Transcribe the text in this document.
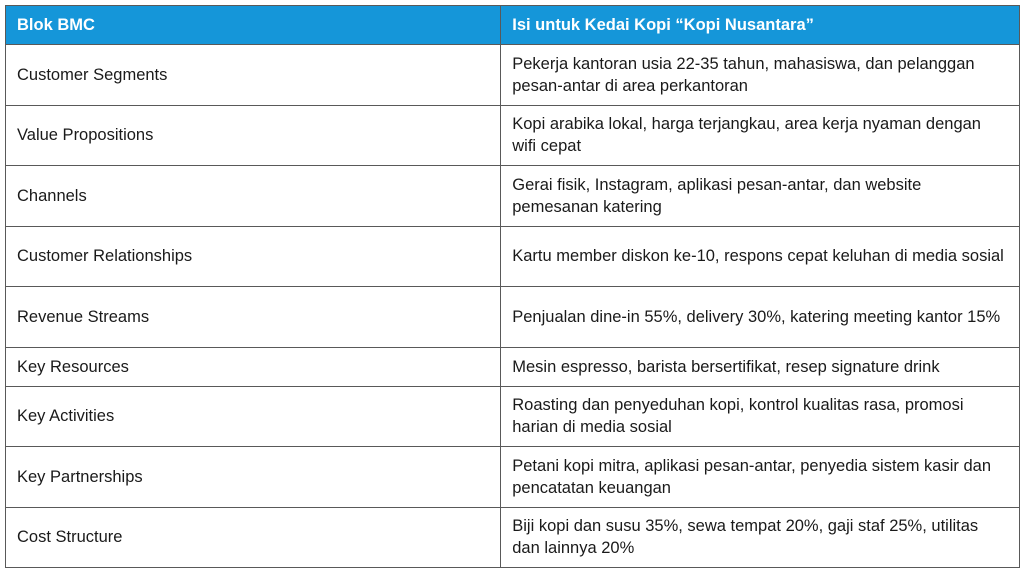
Blok BMC	Isi untuk Kedai Kopi “Kopi Nusantara”
Customer Segments	Pekerja kantoran usia 22-35 tahun, mahasiswa, dan pelanggan pesan-antar di area perkantoran
Value Propositions	Kopi arabika lokal, harga terjangkau, area kerja nyaman dengan wifi cepat
Channels	Gerai fisik, Instagram, aplikasi pesan-antar, dan website pemesanan katering
Customer Relationships	Kartu member diskon ke-10, respons cepat keluhan di media sosial
Revenue Streams	Penjualan dine-in 55%, delivery 30%, katering meeting kantor 15%
Key Resources	Mesin espresso, barista bersertifikat, resep signature drink
Key Activities	Roasting dan penyeduhan kopi, kontrol kualitas rasa, promosi harian di media sosial
Key Partnerships	Petani kopi mitra, aplikasi pesan-antar, penyedia sistem kasir dan pencatatan keuangan
Cost Structure	Biji kopi dan susu 35%, sewa tempat 20%, gaji staf 25%, utilitas dan lainnya 20%
